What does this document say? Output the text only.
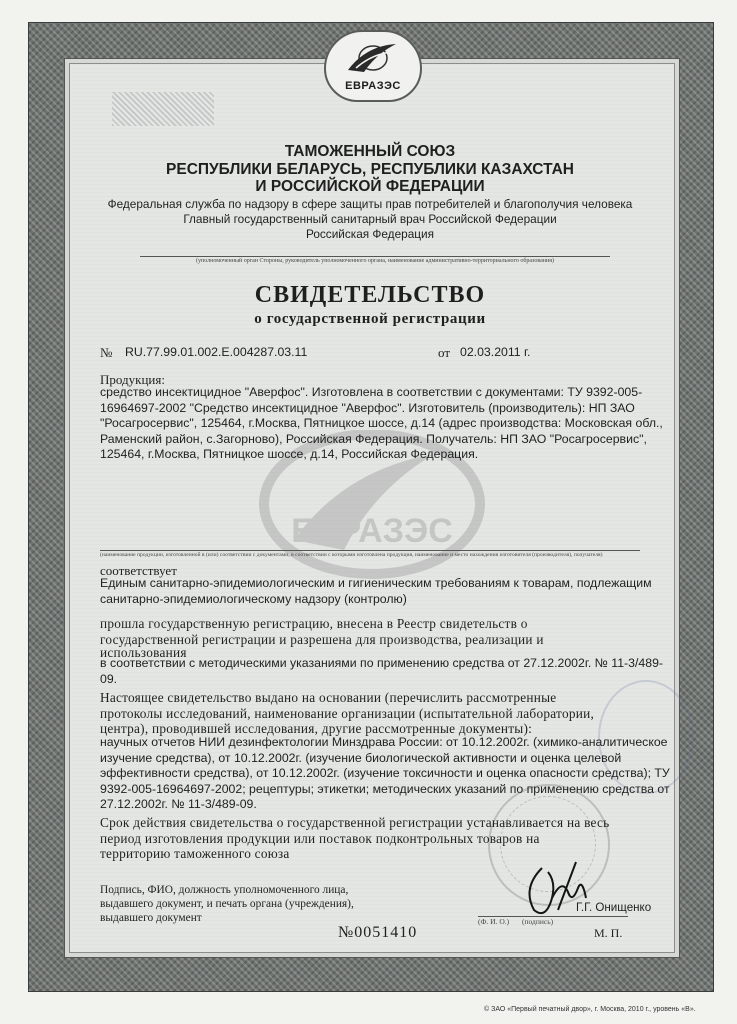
ЕВРАЗЭС
ТАМОЖЕННЫЙ СОЮЗ
РЕСПУБЛИКИ БЕЛАРУСЬ, РЕСПУБЛИКИ КАЗАХСТАН
И РОССИЙСКОЙ ФЕДЕРАЦИИ
Федеральная служба по надзору в сфере защиты прав потребителей и благополучия человека
Главный государственный санитарный врач Российской Федерации
Российская Федерация
(уполномоченный орган Стороны, руководитель уполномоченного органа, наименование административно-территориального образования)
СВИДЕТЕЛЬСТВО
о государственной регистрации
№ RU.77.99.01.002.E.004287.03.11	от 02.03.2011 г.
ЕВРАЗЭС
Продукция:
средство инсектицидное "Аверфос". Изготовлена в соответствии с документами: ТУ 9392-005-
16964697-2002 "Средство инсектицидное "Аверфос". Изготовитель (производитель): НП ЗАО
"Росагросервис", 125464, г.Москва, Пятницкое шоссе, д.14 (адрес производства: Московская обл.,
Раменский район, с.Загорново), Российская Федерация. Получатель: НП ЗАО "Росагросервис",
125464, г.Москва, Пятницкое шоссе, д.14, Российская Федерация.
(наименование продукции, изготовленной в (или) соответствии с документами, в соответствии с которыми изготовлена продукция, наименование и место нахождения изготовителя (производителя), получателя)
соответствует
Единым санитарно-эпидемиологическим и гигиеническим требованиям к товарам, подлежащим
санитарно-эпидемиологическому надзору (контролю)
прошла государственную регистрацию, внесена в Реестр свидетельств о
государственной регистрации и разрешена для производства, реализации и
использования
в соответствии с методическими указаниями по применению средства от 27.12.2002г. № 11-3/489-
09.
Настоящее свидетельство выдано на основании (перечислить рассмотренные
протоколы исследований, наименование организации (испытательной лаборатории,
центра), проводившей исследования, другие рассмотренные документы):
научных отчетов НИИ дезинфектологии Минздрава России: от 10.12.2002г. (химико-аналитическое
изучение средства), от 10.12.2002г. (изучение биологической активности и оценка целевой
эффективности средства), от 10.12.2002г. (изучение токсичности и оценка опасности средства); ТУ
9392-005-16964697-2002; рецептуры; этикетки; методических указаний по применению средства от
27.12.2002г. № 11-3/489-09.
Срок действия свидетельства о государственной регистрации устанавливается на весь
период изготовления продукции или поставок подконтрольных товаров на
территорию таможенного союза
Подпись, ФИО, должность уполномоченного лица,
выдавшего документ, и печать органа (учреждения),
выдавшего документ
Г.Г. Онищенко
(Ф. И. О.) (подпись)
№0051410	М. П.
© ЗАО «Первый печатный двор», г. Москва, 2010 г., уровень «В».
